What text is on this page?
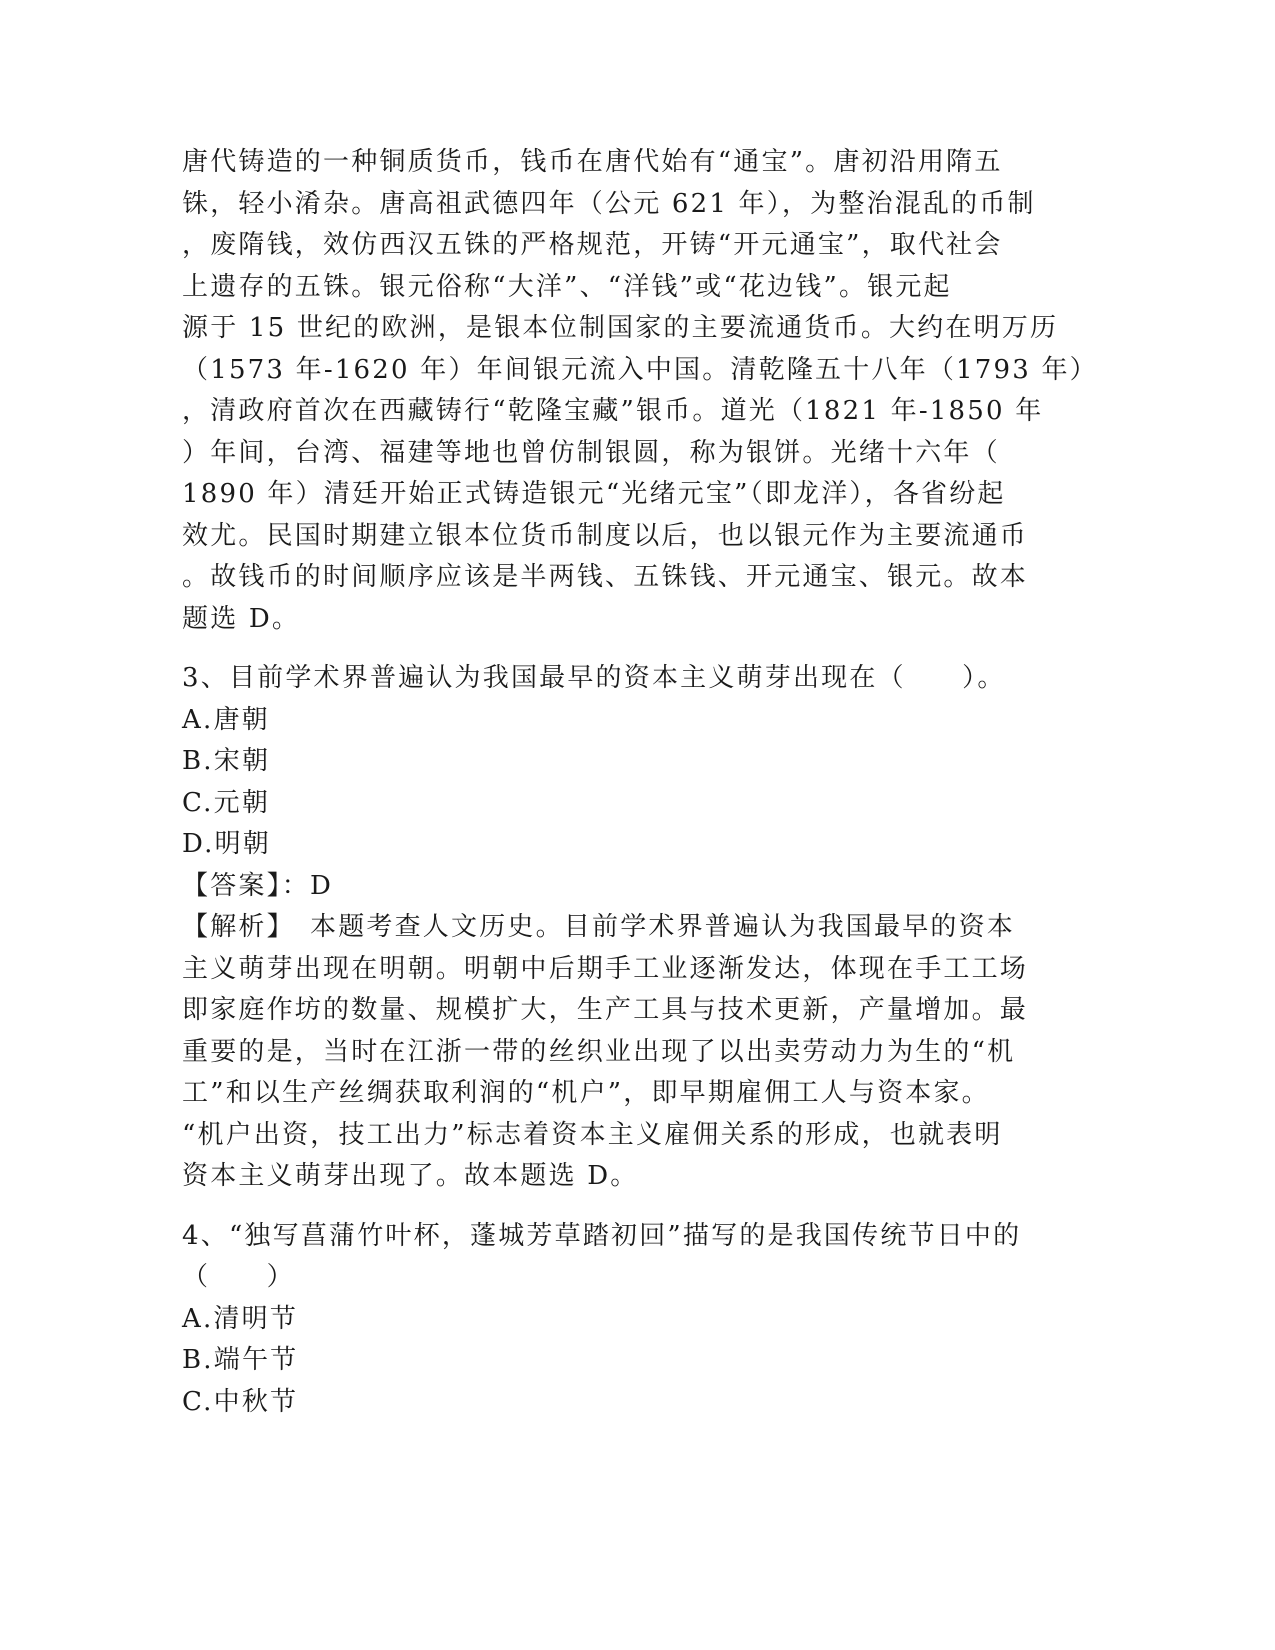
唐代铸造的一种铜质货币，钱币在唐代始有“通宝”。唐初沿用隋五

铢，轻小淆杂。唐高祖武德四年（公元 621 年），为整治混乱的币制

，废隋钱，效仿西汉五铢的严格规范，开铸“开元通宝”，取代社会

上遗存的五铢。银元俗称“大洋”、“洋钱”或“花边钱”。银元起

源于 15 世纪的欧洲，是银本位制国家的主要流通货币。大约在明万历

（1573 年-1620 年）年间银元流入中国。清乾隆五十八年（1793 年）

，清政府首次在西藏铸行“乾隆宝藏”银币。道光（1821 年-1850 年

）年间，台湾、福建等地也曾仿制银圆，称为银饼。光绪十六年（

1890 年）清廷开始正式铸造银元“光绪元宝”（即龙洋），各省纷起

效尤。民国时期建立银本位货币制度以后，也以银元作为主要流通币

。故钱币的时间顺序应该是半两钱、五铢钱、开元通宝、银元。故本

题选 D。

3、目前学术界普遍认为我国最早的资本主义萌芽出现在（　　）。

A.唐朝

B.宋朝

C.元朝

D.明朝

【答案】：D

【解析】　本题考查人文历史。目前学术界普遍认为我国最早的资本

主义萌芽出现在明朝。明朝中后期手工业逐渐发达，体现在手工工场

即家庭作坊的数量、规模扩大，生产工具与技术更新，产量增加。最

重要的是，当时在江浙一带的丝织业出现了以出卖劳动力为生的“机

工”和以生产丝绸获取利润的“机户”，即早期雇佣工人与资本家。

“机户出资，技工出力”标志着资本主义雇佣关系的形成，也就表明

资本主义萌芽出现了。故本题选 D。

4、“独写菖蒲竹叶杯，蓬城芳草踏初回”描写的是我国传统节日中的

（　　）

A.清明节

B.端午节

C.中秋节
